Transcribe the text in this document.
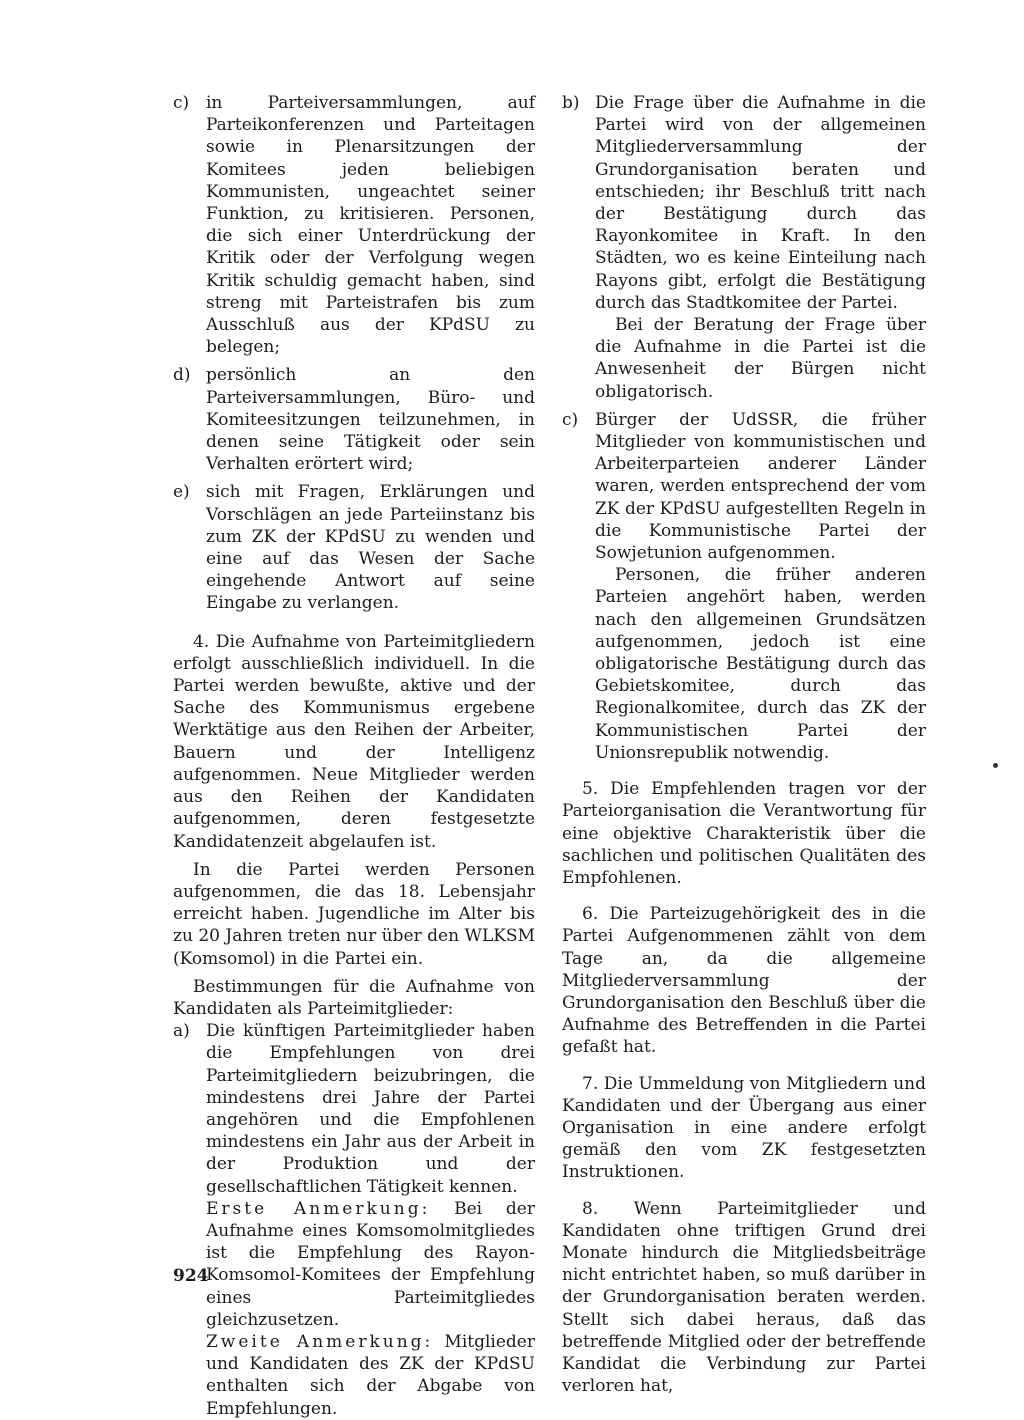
c) in Parteiversammlungen, auf Parteikonferenzen und Parteitagen sowie in Plenarsitzungen der Komitees jeden beliebigen Kommunisten, ungeachtet seiner Funktion, zu kritisieren. Personen, die sich einer Unterdrückung der Kritik oder der Verfolgung wegen Kritik schuldig gemacht haben, sind streng mit Parteistrafen bis zum Ausschluß aus der KPdSU zu belegen;

d) persönlich an den Parteiversammlungen, Büro- und Komiteesitzungen teilzunehmen, in denen seine Tätigkeit oder sein Verhalten erörtert wird;

e) sich mit Fragen, Erklärungen und Vorschlägen an jede Parteiinstanz bis zum ZK der KPdSU zu wenden und eine auf das Wesen der Sache eingehende Antwort auf seine Eingabe zu verlangen.

4. Die Aufnahme von Parteimitgliedern erfolgt ausschließlich individuell. In die Partei werden bewußte, aktive und der Sache des Kommunismus ergebene Werktätige aus den Reihen der Arbeiter, Bauern und der Intelligenz aufgenommen. Neue Mitglieder werden aus den Reihen der Kandidaten aufgenommen, deren festgesetzte Kandidatenzeit abgelaufen ist.

In die Partei werden Personen aufgenommen, die das 18. Lebensjahr erreicht haben. Jugendliche im Alter bis zu 20 Jahren treten nur über den WLKSM (Komsomol) in die Partei ein.

Bestimmungen für die Aufnahme von Kandidaten als Parteimitglieder:

a) Die künftigen Parteimitglieder haben die Empfehlungen von drei Parteimitgliedern beizubringen, die mindestens drei Jahre der Partei angehören und die Empfohlenen mindestens ein Jahr aus der Arbeit in der Produktion und der gesellschaftlichen Tätigkeit kennen.

Erste Anmerkung: Bei der Aufnahme eines Komsomolmitgliedes ist die Empfehlung des Rayon-Komsomol-Komitees der Empfehlung eines Parteimitgliedes gleichzusetzen.

Zweite Anmerkung: Mitglieder und Kandidaten des ZK der KPdSU enthalten sich der Abgabe von Empfehlungen.

b) Die Frage über die Aufnahme in die Partei wird von der allgemeinen Mitgliederversammlung der Grundorganisation beraten und entschieden; ihr Beschluß tritt nach der Bestätigung durch das Rayonkomitee in Kraft. In den Städten, wo es keine Einteilung nach Rayons gibt, erfolgt die Bestätigung durch das Stadtkomitee der Partei.

Bei der Beratung der Frage über die Aufnahme in die Partei ist die Anwesenheit der Bürgen nicht obligatorisch.

c) Bürger der UdSSR, die früher Mitglieder von kommunistischen und Arbeiterparteien anderer Länder waren, werden entsprechend der vom ZK der KPdSU aufgestellten Regeln in die Kommunistische Partei der Sowjetunion aufgenommen.

Personen, die früher anderen Parteien angehört haben, werden nach den allgemeinen Grundsätzen aufgenommen, jedoch ist eine obligatorische Bestätigung durch das Gebietskomitee, durch das Regionalkomitee, durch das ZK der Kommunistischen Partei der Unionsrepublik notwendig.

5. Die Empfehlenden tragen vor der Parteiorganisation die Verantwortung für eine objektive Charakteristik über die sachlichen und politischen Qualitäten des Empfohlenen.

6. Die Parteizugehörigkeit des in die Partei Aufgenommenen zählt von dem Tage an, da die allgemeine Mitgliederversammlung der Grundorganisation den Beschluß über die Aufnahme des Betreffenden in die Partei gefaßt hat.

7. Die Ummeldung von Mitgliedern und Kandidaten und der Übergang aus einer Organisation in eine andere erfolgt gemäß den vom ZK festgesetzten Instruktionen.

8. Wenn Parteimitglieder und Kandidaten ohne triftigen Grund drei Monate hindurch die Mitgliedsbeiträge nicht entrichtet haben, so muß darüber in der Grundorganisation beraten werden. Stellt sich dabei heraus, daß das betreffende Mitglied oder der betreffende Kandidat die Verbindung zur Partei verloren hat,

924
